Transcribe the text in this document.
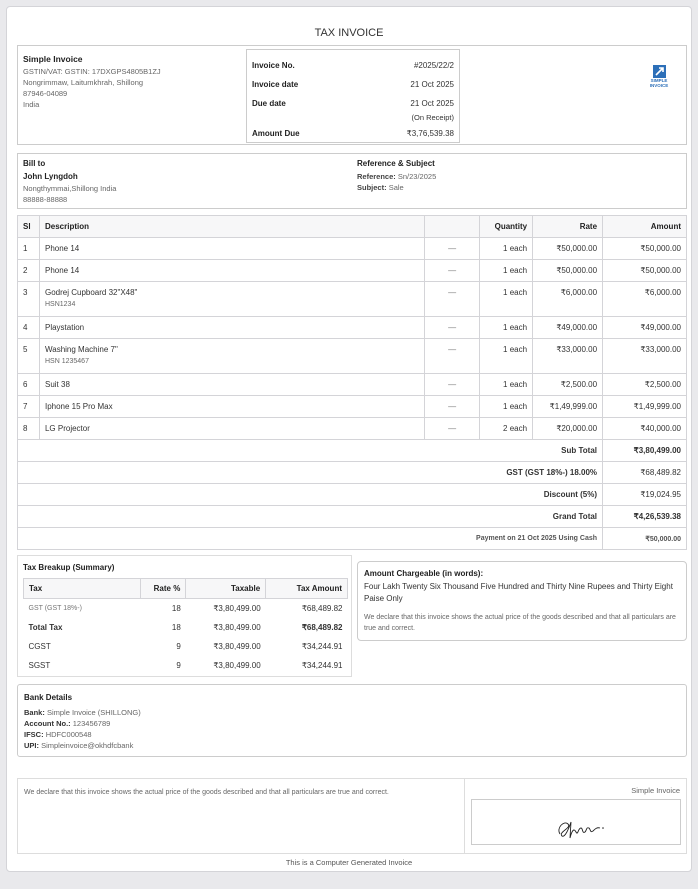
TAX INVOICE
Simple Invoice
GSTIN/VAT: GSTIN: 17DXGPS4805B1ZJ
Nongrimmaw, Laitumkhrah, Shillong
87946-04089
India
Invoice No.	#2025/22/2
Invoice date	21 Oct 2025
Due date	21 Oct 2025
(On Receipt)
Amount Due	₹3,76,539.38
SIMPLE
INVOICE
Bill to
John Lyngdoh
Nongthymmai,Shillong India
88888-88888
Reference & Subject
Reference: Sn/23/2025
Subject: Sale
Sl	Description		Quantity	Rate	Amount
1	Phone 14	—	1 each	₹50,000.00	₹50,000.00
2	Phone 14	—	1 each	₹50,000.00	₹50,000.00
3	Godrej Cupboard 32"X48"
HSN1234	—	1 each	₹6,000.00	₹6,000.00
4	Playstation	—	1 each	₹49,000.00	₹49,000.00
5	Washing Machine 7"
HSN 1235467	—	1 each	₹33,000.00	₹33,000.00
6	Suit 38	—	1 each	₹2,500.00	₹2,500.00
7	Iphone 15 Pro Max	—	1 each	₹1,49,999.00	₹1,49,999.00
8	LG Projector	—	2 each	₹20,000.00	₹40,000.00
Sub Total					₹3,80,499.00
GST (GST 18%-) 18.00%					₹68,489.82
Discount (5%)					₹19,024.95
Grand Total					₹4,26,539.38
Payment on 21 Oct 2025 Using Cash					₹50,000.00
Tax Breakup (Summary)
Tax	Rate %	Taxable	Tax Amount
GST (GST 18%-)	18	₹3,80,499.00	₹68,489.82
Total Tax	18	₹3,80,499.00	₹68,489.82
CGST	9	₹3,80,499.00	₹34,244.91
SGST	9	₹3,80,499.00	₹34,244.91
Amount Chargeable (in words):
Four Lakh Twenty Six Thousand Five Hundred and Thirty Nine Rupees and Thirty Eight Paise Only
We declare that this invoice shows the actual price of the goods described and that all particulars are true and correct.
Bank Details
Bank: Simple Invoice (SHILLONG)
Account No.: 123456789
IFSC: HDFC000548
UPI: Simpleinvoice@okhdfcbank
We declare that this invoice shows the actual price of the goods described and that all particulars are true and correct.	Simple Invoice
This is a Computer Generated Invoice
